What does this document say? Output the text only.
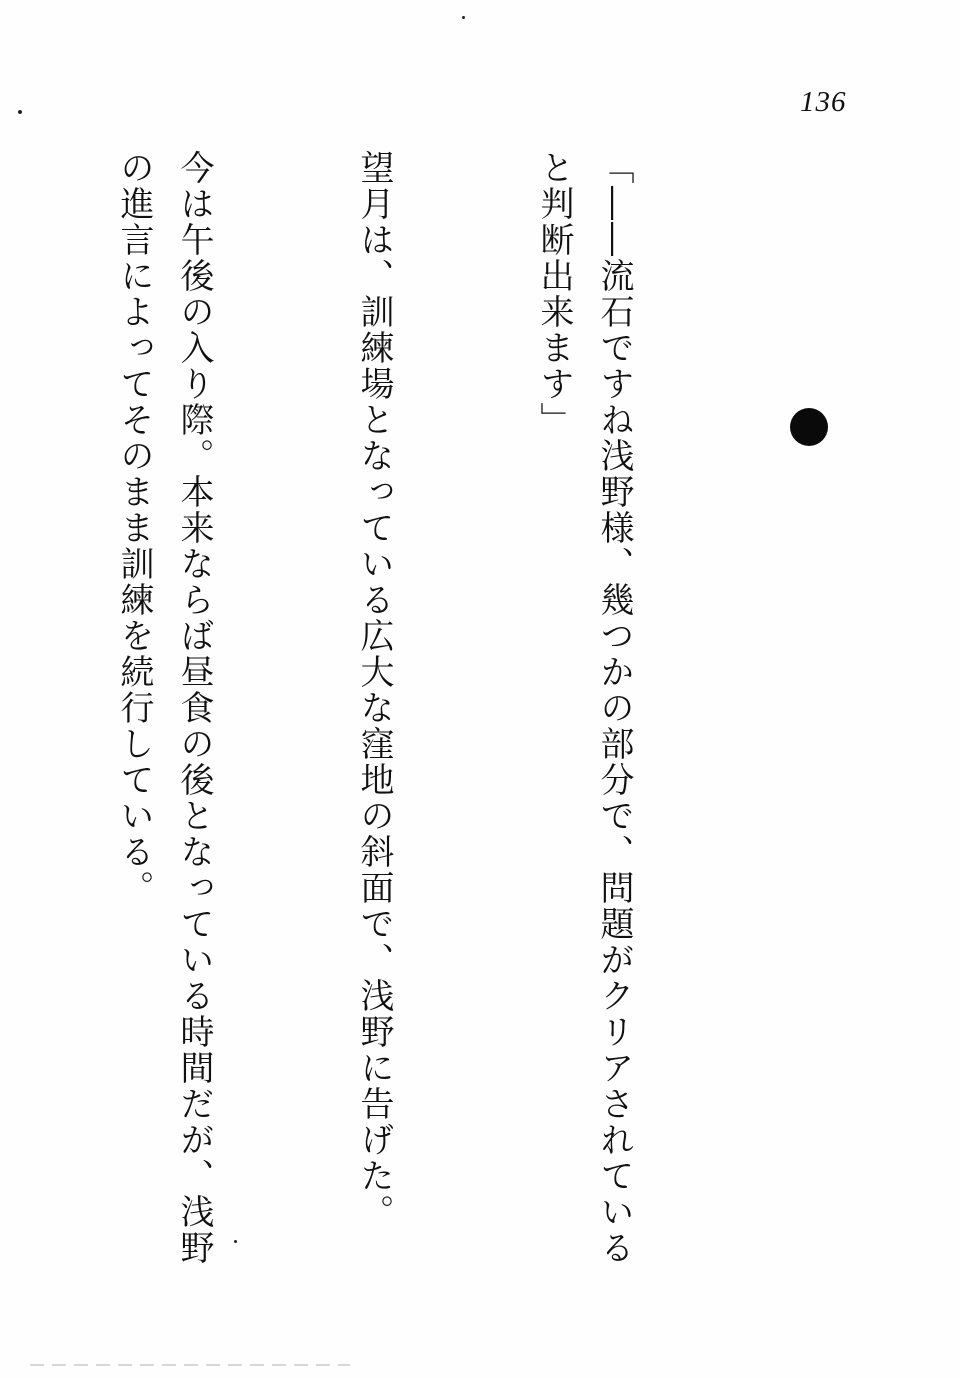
136

「――流石ですね浅野様、幾つかの部分で、問題がクリアされていると判断出来ます」

望月は、訓練場となっている広大な窪地の斜面で、浅野に告げた。

今は午後の入り際。本来ならば昼食の後となっている時間だが、浅野の進言によってそのまま訓練を続行している。
